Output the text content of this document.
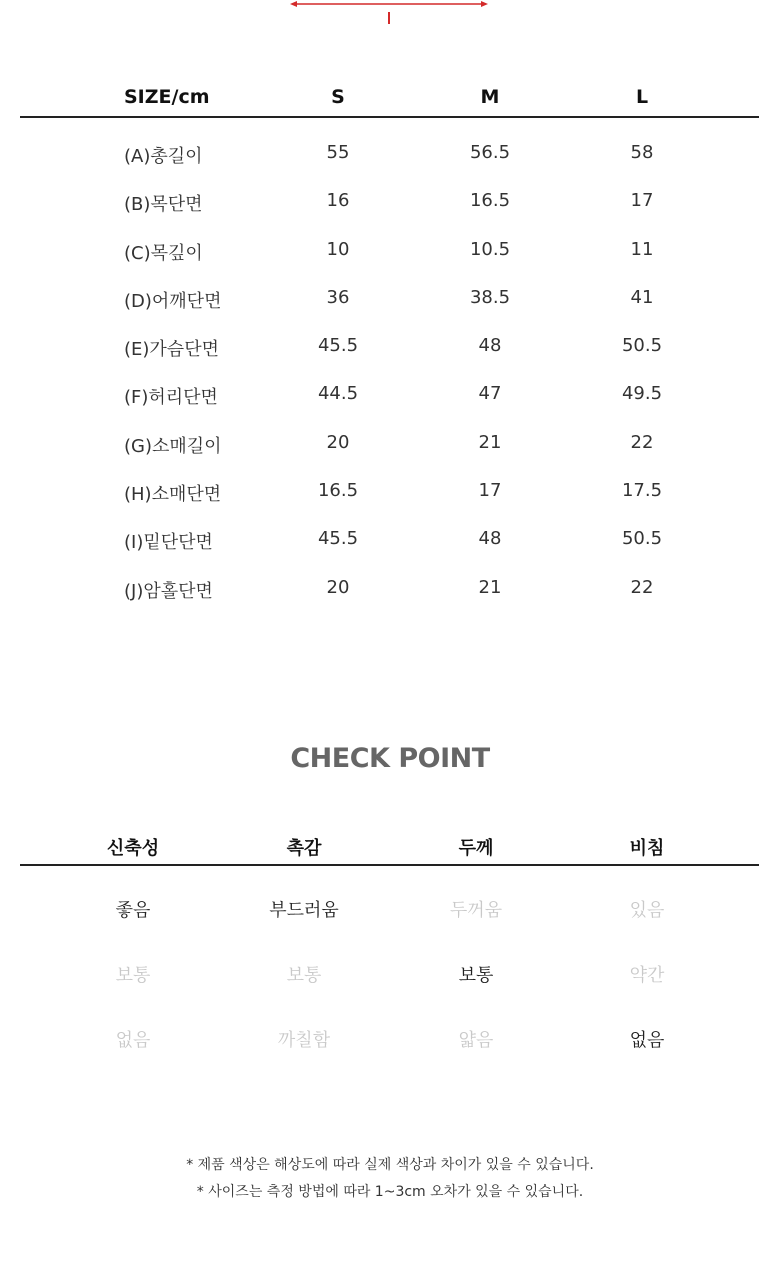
SIZE/cm	S	M	L
(A)총길이	55	56.5	58
(B)목단면	16	16.5	17
(C)목깊이	10	10.5	11
(D)어깨단면	36	38.5	41
(E)가슴단면	45.5	48	50.5
(F)허리단면	44.5	47	49.5
(G)소매길이	20	21	22
(H)소매단면	16.5	17	17.5
(I)밑단단면	45.5	48	50.5
(J)암홀단면	20	21	22
CHECK POINT
신축성	촉감	두께	비침
좋음	부드러움	두꺼움	있음
보통	보통	보통	약간
없음	까칠함	얇음	없음
* 제품 색상은 해상도에 따라 실제 색상과 차이가 있을 수 있습니다.
* 사이즈는 측정 방법에 따라 1~3cm 오차가 있을 수 있습니다.
